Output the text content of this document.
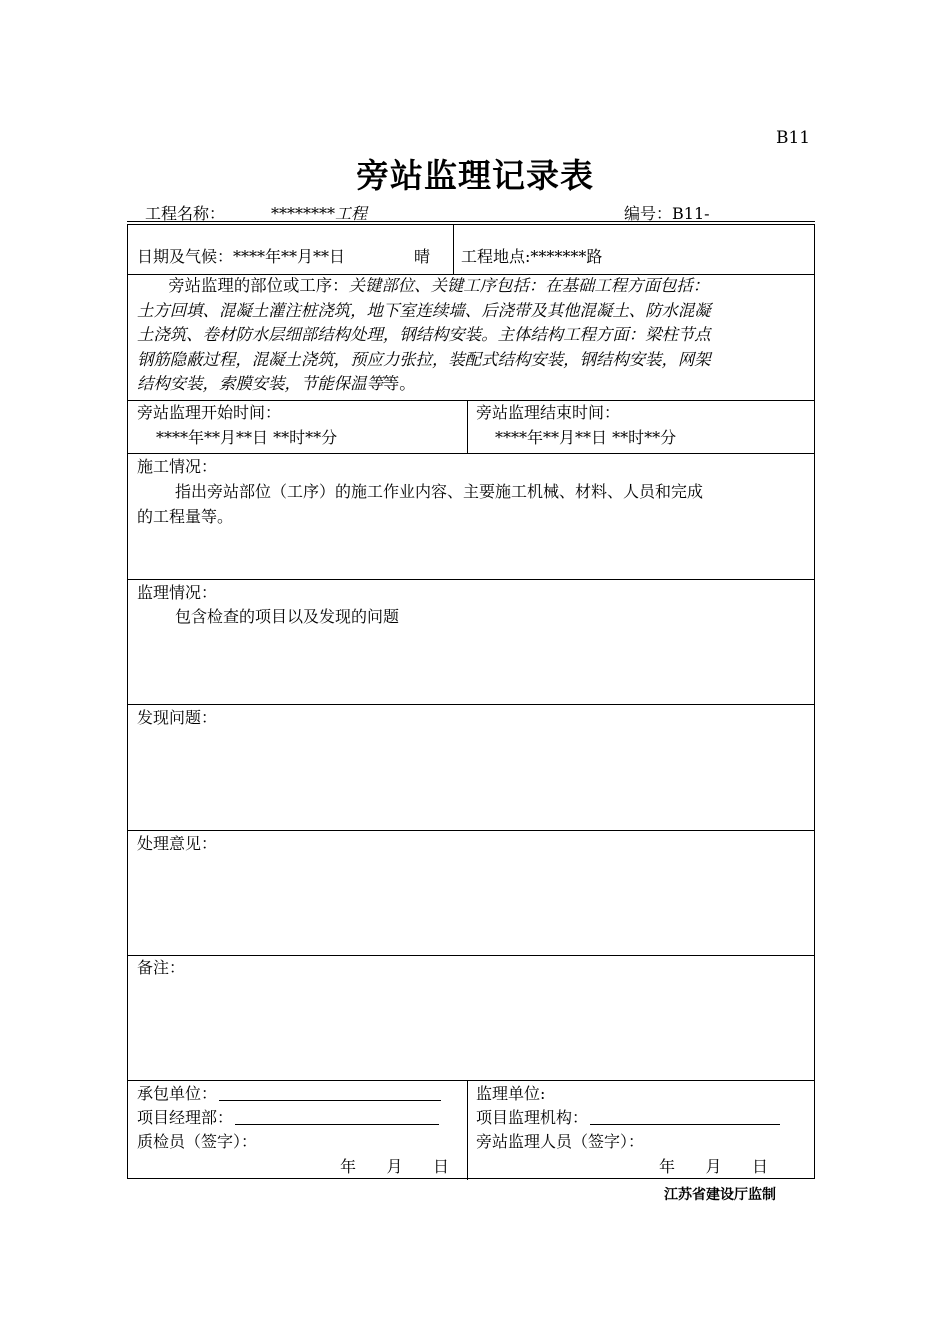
B11
旁站监理记录表
工程名称：	********工程	编号：B11-
日期及气候：****年**月**日	晴 工程地点:*******路
旁站监理的部位或工序：关键部位、关键工序包括：在基础工程方面包括：
土方回填、混凝土灌注桩浇筑，地下室连续墙、后浇带及其他混凝土、防水混凝
土浇筑、卷材防水层细部结构处理，钢结构安装。主体结构工程方面：梁柱节点
钢筋隐蔽过程，混凝土浇筑，预应力张拉，装配式结构安装，钢结构安装，网架
结构安装，索膜安装，节能保温等等。
旁站监理开始时间：
****年**月**日 **时**分
旁站监理结束时间：
****年**月**日 **时**分
施工情况：
指出旁站部位（工序）的施工作业内容、主要施工机械、材料、人员和完成
的工程量等。
监理情况：
包含检查的项目以及发现的问题
发现问题：
处理意见：
备注：
承包单位：
项目经理部：
质检员（签字）：
年      月      日
监理单位:
项目监理机构：
旁站监理人员（签字）：
年      月      日
江苏省建设厅监制
